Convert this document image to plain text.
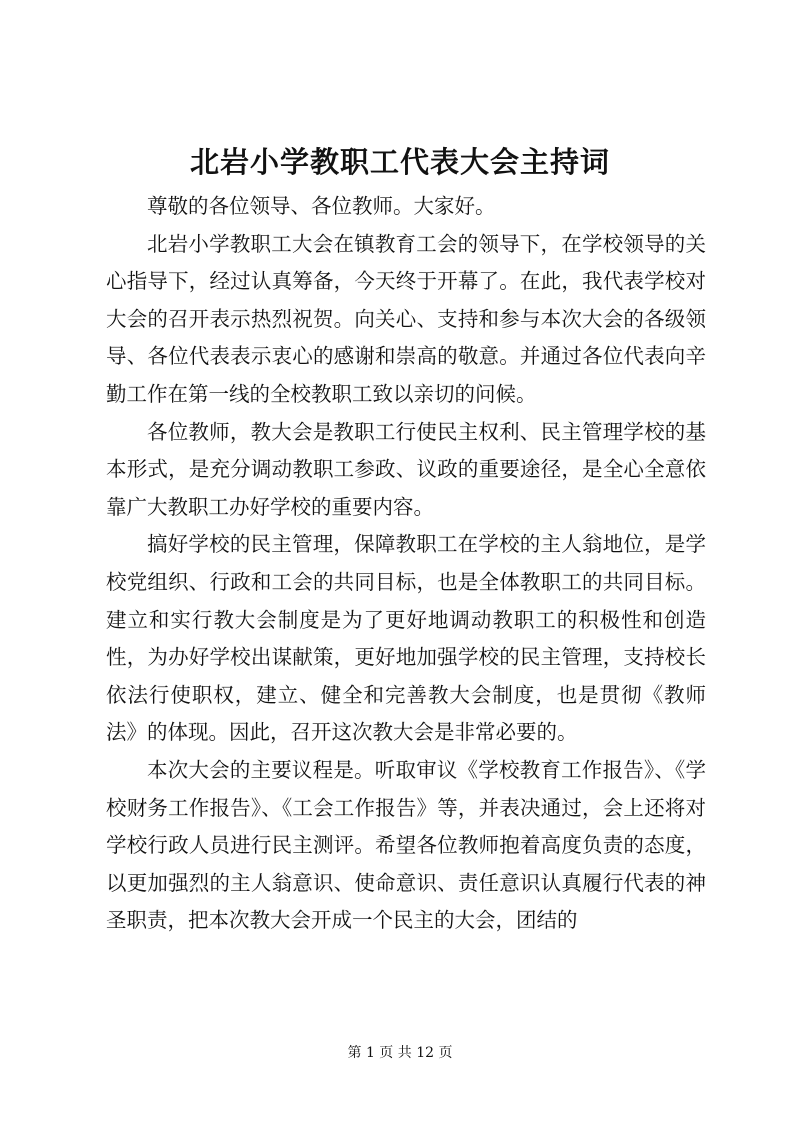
北岩小学教职工代表大会主持词

尊敬的各位领导、各位教师。大家好。

北岩小学教职工大会在镇教育工会的领导下，在学校领导的关心指导下，经过认真筹备，今天终于开幕了。在此，我代表学校对大会的召开表示热烈祝贺。向关心、支持和参与本次大会的各级领导、各位代表表示衷心的感谢和崇高的敬意。并通过各位代表向辛勤工作在第一线的全校教职工致以亲切的问候。

各位教师，教大会是教职工行使民主权利、民主管理学校的基本形式，是充分调动教职工参政、议政的重要途径，是全心全意依靠广大教职工办好学校的重要内容。

搞好学校的民主管理，保障教职工在学校的主人翁地位，是学校党组织、行政和工会的共同目标，也是全体教职工的共同目标。建立和实行教大会制度是为了更好地调动教职工的积极性和创造性，为办好学校出谋献策，更好地加强学校的民主管理，支持校长依法行使职权，建立、健全和完善教大会制度，也是贯彻《教师法》的体现。因此，召开这次教大会是非常必要的。

本次大会的主要议程是。听取审议《学校教育工作报告》、《学校财务工作报告》、《工会工作报告》等，并表决通过，会上还将对学校行政人员进行民主测评。希望各位教师抱着高度负责的态度，以更加强烈的主人翁意识、使命意识、责任意识认真履行代表的神圣职责，把本次教大会开成一个民主的大会，团结的

第 1 页 共 12 页
